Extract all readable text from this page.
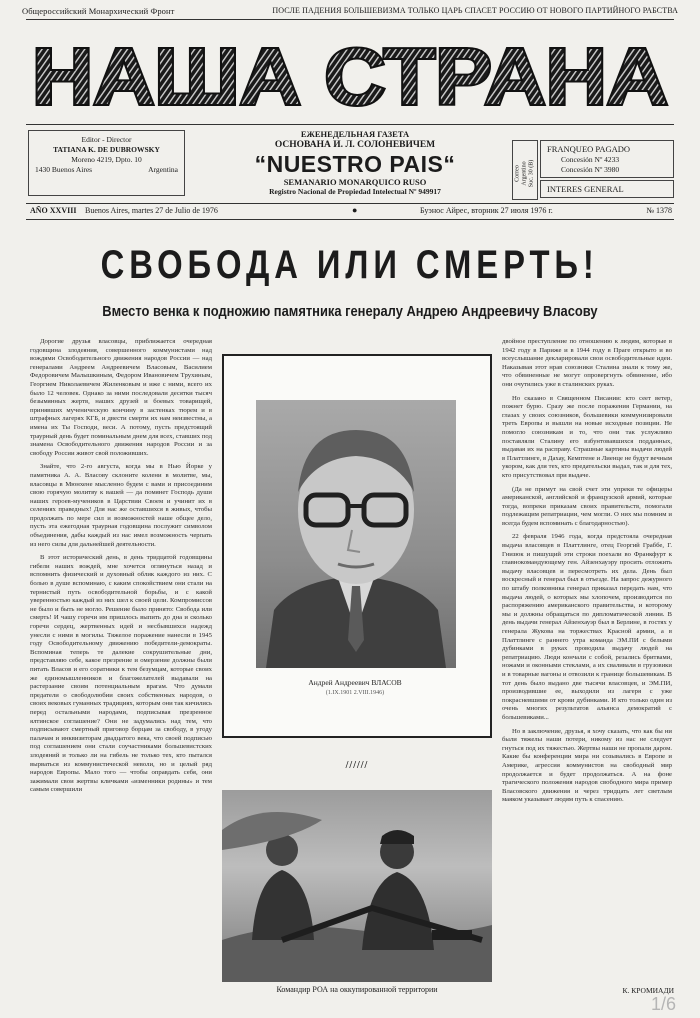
Общероссийский Монархический Фронт	ПОСЛЕ ПАДЕНИЯ БОЛЬШЕВИЗМА ТОЛЬКО ЦАРЬ СПАСЕТ РОССИЮ ОТ НОВОГО ПАРТИЙНОГО РАБСТВА
НАША СТРАНА
Editor - Director
TATIANA K. DE DUBROWSKY
Moreno 4219, Dpto. 10
1430 Buenos Aires	Argentina
ЕЖЕНЕДЕЛЬНАЯ ГАЗЕТА
ОСНОВАНА И. Л. СОЛОНЕВИЧЕМ
“NUESTRO PAIS“
SEMANARIO MONARQUICO RUSO
Registro Nacional de Propiedad Intelectual Nº 949917
Correo Argentino Suc. 30 (B)
FRANQUEO PAGADO
Concesión Nº 4233
Concesión Nº 3980
INTERES GENERAL
AÑO XXVIII Buenos Aires, martes 27 de Julio de 1976	●	Буэнос Айрес, вторник 27 июля 1976 г.	№ 1378
СВОБОДА ИЛИ СМЕРТЬ!
Вместо венка к подножию памятника генералу Андрею Андреевичу Власову

Дорогие друзья власовцы, приближается очередная годовщина злодеяния, совершенного коммунистами над вождями Освободительного движения народов России — над генералами Андреем Андреевичем Власовым, Василием Федоровичем Малышкиным, Федором Ивановичем Трухиным, Георгием Николаевичем Жиленковым и иже с ними, всего их было 12 человек. Однако за ними последовали десятки тысяч безымянных жертв, наших друзей и боевых товарищей, принявших мученическую кончину в застенках тюрем и в штрафных лагерях КГБ, и двести смерти их нам неизвестны, а имена их Ты Господи, веси. А потому, пусть предстоящий траурный день будет поминальным днем для всех, ставших под знамена Освободительного движения народов России и за свободу России живот свой положивших.

Знайте, что 2-го августа, когда мы в Нью Йорке у памятника А. А. Власову склоните колени в молитве, мы, власовцы в Мюнхене мысленно будем с вами и присоединим свою горячую молитву к вашей — да помянет Господь души наших героев-мучеников в Царствии Своем и учинит их в селениях праведных! Для нас же оставшихся в живых, чтобы продолжать по мере сил и возможностей наше общее дело, пусть эта ежегодная траурная годовщина послужит символом объединения, дабы каждый из нас имел возможность черпать из него силы для дальнейшей деятельности.

В этот исторический день, в день тридцатой годовщины гибели наших вождей, мне хочется оглянуться назад и вспомнить физический и духовный облик каждого из них. С болью в душе вспоминаю, с каким спокойствием они стали на тернистый путь освободительной борьбы, и с какой уверенностью каждый из них шел к своей цели. Компромиссов не было и быть не могло. Решение было принято: Свобода или смерть! И чашу горечи им пришлось выпить до дна и сколько горечи сердец, жертвенных идей и несбывшихся надежд унесли с ними в могилы. Тяжелое поражение нанесли в 1945 году Освободительному движению победители-демократы. Вспоминая теперь те далекие сокрушительные дни, представляю себе, какое презрение и омерзение должны были питать Власов и его соратники к тем безумцам, которые своих же единомышленников и благожелателей выдавали на растерзание своим потенциальным врагам. Что думали предатели о свободолюбии своих собственных народов, о своих вековых гуманных традициях, которым они так кичились перед остальными народами, подписывая презренное ялтинское соглашение? Они не задумались над тем, что подписывают смертный приговор борцам за свободу, в угоду палачам и инквизиторам двадцатого века, что своей подписью под соглашением они стали соучастниками большевистских злодеяний и только ли на гибель не только тех, кто пытался вырваться из коммунистической неволи, но и целый ряд народов Европы. Мало того — чтобы оправдать себя, они зажимали свои жертвы кличками «изменники родины» и тем самым совершили

Андрей Андреевич ВЛАСОВ
(1.IX.1901 2.VIII.1946)
//////
Командир РОА на оккупированной территории

двойное преступление по отношению к людям, которые в 1942 году в Париже и в 1944 году в Праге открыто и во всеуслышание декларировали свои освободительные идеи. Наказывая этот нрав союзники Сталина знали к тому же, что обвиненные не могут опровергнуть обвинение, ибо они очутились уже в сталинских руках.

Но сказано в Священном Писании: кто сеет ветер, пожнет бурю. Сразу же после поражения Германии, на глазах у своих союзников, большевики коммунизировали треть Европы и вышли на новые исходные позиции. Не помогло союзникам и то, что они так услужливо поставляли Сталину его взбунтовавшихся подданных, выдавая их на расправу. Страшные картины выдачи людей в Платтлинге, в Дахау, Кемптене и Лиенце не будут вечным укором, как для тех, кто предательски выдал, так и для тех, кто присутствовал при выдаче.

(Да не примут на свой счет эти упреки те офицеры американской, английской и французской армий, которые тогда, вопреки приказам своих правительств, помогали подлежащим репатриации, чем могли. О них мы помним и всегда будем вспоминать с благодарностью).

22 февраля 1946 года, когда предстояла очередная выдача власовцев в Платтлинге, отец Георгий Граббе, Г. Гнизюк и пишущий эти строки поехали во Франкфурт к главнокомандующему ген. Айзенхауэру просить отложить выдачу власовцев и пересмотреть их дела. День был воскресный и генерал был в отъезде. На запрос дежурного по штабу полковника генерал приказал передать нам, что выдача людей, о которых мы хлопочем, производится по распоряжению американского правительства, и которому мы и должны обращаться по дипломатической линии. В день выдачи генерал Айзенхауэр был в Берлине, в гостях у генерала Жукова на торжествах Красной армии, а в Платтлинге с раннего утра команда ЭМ.ПИ с белыми дубинками в руках проводила выдачу людей на репатриацию. Люди кончали с собой, резались бритвами, ножами и оконными стеклами, а их сваливали в грузовики и в товарные вагоны и отвозили к границе большевикам. В тот день было выдано две тысячи власовцев, и ЭМ.ПИ, производившие ее, выходили из лагеря с уже покрасневшими от крови дубинками. И кто только один из очень многих результатов альянса демократий с большевиками...

Но в заключение, друзья, я хочу сказать, что как бы ни были тяжелы наши потери, никому из нас не следует гнуться под их тяжестью. Жертвы наши не пропали даром. Какие бы конференции мира ни созывались в Европе и Америке, агрессия коммунистов на свободный мир продолжается и будет продолжаться. А на фоне трагического положения народов свободного мира пример Власовского движения и через тридцать лет светлым маяком указывает людям путь к спасению.

К. КРОМИАДИ
1/6
